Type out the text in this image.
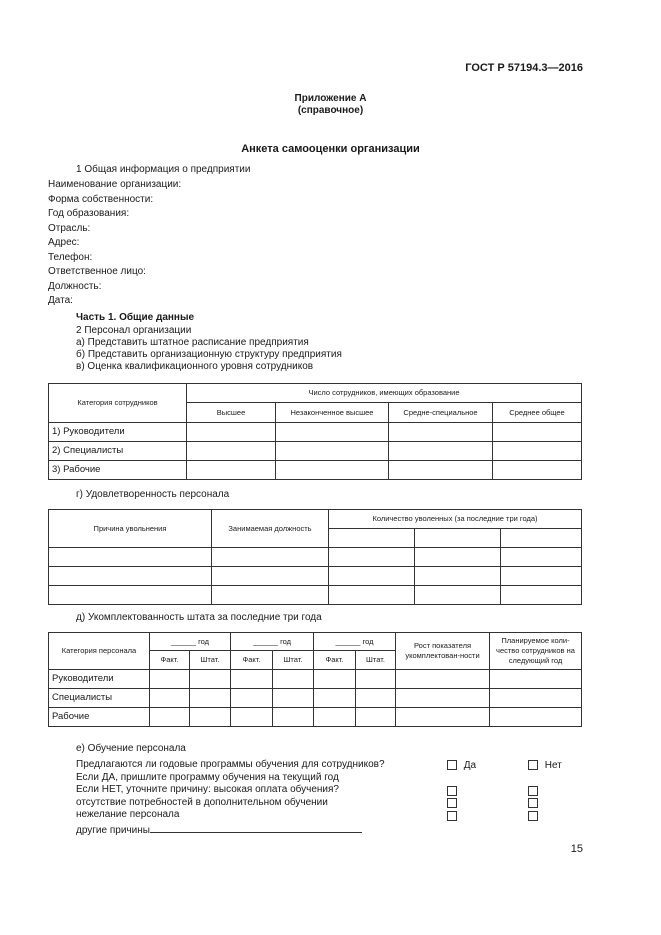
ГОСТ Р 57194.3—2016
Приложение А
(справочное)
Анкета самооценки организации
1 Общая информация о предприятии
Наименование организации:
Форма собственности:
Год образования:
Отрасль:
Адрес:
Телефон:
Ответственное лицо:
Должность:
Дата:
Часть 1. Общие данные
2 Персонал организации
а) Представить штатное расписание предприятия
б) Представить организационную структуру предприятия
в) Оценка квалификационного уровня сотрудников
Категория сотрудников	Число сотрудников, имеющих образование			
	Высшее	Незаконченное высшее	Средне-специальное	Среднее общее
1) Руководители				
2) Специалисты				
3) Рабочие				
г) Удовлетворенность персонала
Причина увольнения	Занимаемая должность	Количество уволенных (за последние три года)		

д) Укомплектованность штата за последние три года
Категория персонала	______ год		______ год		______ год		Рост показателя укомплектован-ности	Планируемое коли-чество сотрудников на следующий год
	Факт.	Штат.	Факт.	Штат.	Факт.	Штат.		
Руководители								
Специалисты								
Рабочие								
е) Обучение персонала
Предлагаются ли годовые программы обучения для сотрудников?
Если ДА, пришлите программу обучения на текущий год
Если НЕТ, уточните причину: высокая оплата обучения?
отсутствие потребностей в дополнительном обучении
нежелание персонала
другие причины
Да	Нет
15
